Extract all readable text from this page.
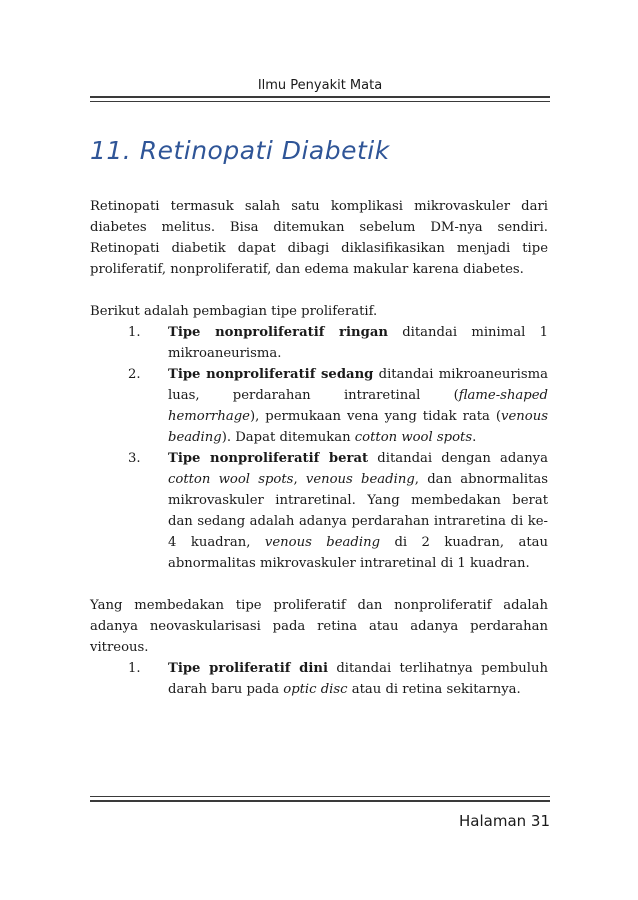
Ilmu Penyakit Mata
11. Retinopati Diabetik

Retinopati termasuk salah satu komplikasi mikrovaskuler dari diabetes melitus. Bisa ditemukan sebelum DM-nya sendiri. Retinopati diabetik dapat dibagi diklasifikasikan menjadi tipe proliferatif, nonproliferatif, dan edema makular karena diabetes.

Berikut adalah pembagian tipe proliferatif.

1.	Tipe nonproliferatif ringan ditandai minimal 1 mikroaneurisma.
2.	Tipe nonproliferatif sedang ditandai mikroaneurisma luas, perdarahan intraretinal (flame-shaped hemorrhage), permukaan vena yang tidak rata (venous beading). Dapat ditemukan cotton wool spots.
3.	Tipe nonproliferatif berat ditandai dengan adanya cotton wool spots, venous beading, dan abnormalitas mikrovaskuler intraretinal. Yang membedakan berat dan sedang adalah adanya perdarahan intraretina di ke-4 kuadran, venous beading di 2 kuadran, atau abnormalitas mikrovaskuler intraretinal di 1 kuadran.

Yang membedakan tipe proliferatif dan nonproliferatif adalah adanya neovaskularisasi pada retina atau adanya perdarahan vitreous.

1.	Tipe proliferatif dini ditandai terlihatnya pembuluh darah baru pada optic disc atau di retina sekitarnya.
Halaman 31
